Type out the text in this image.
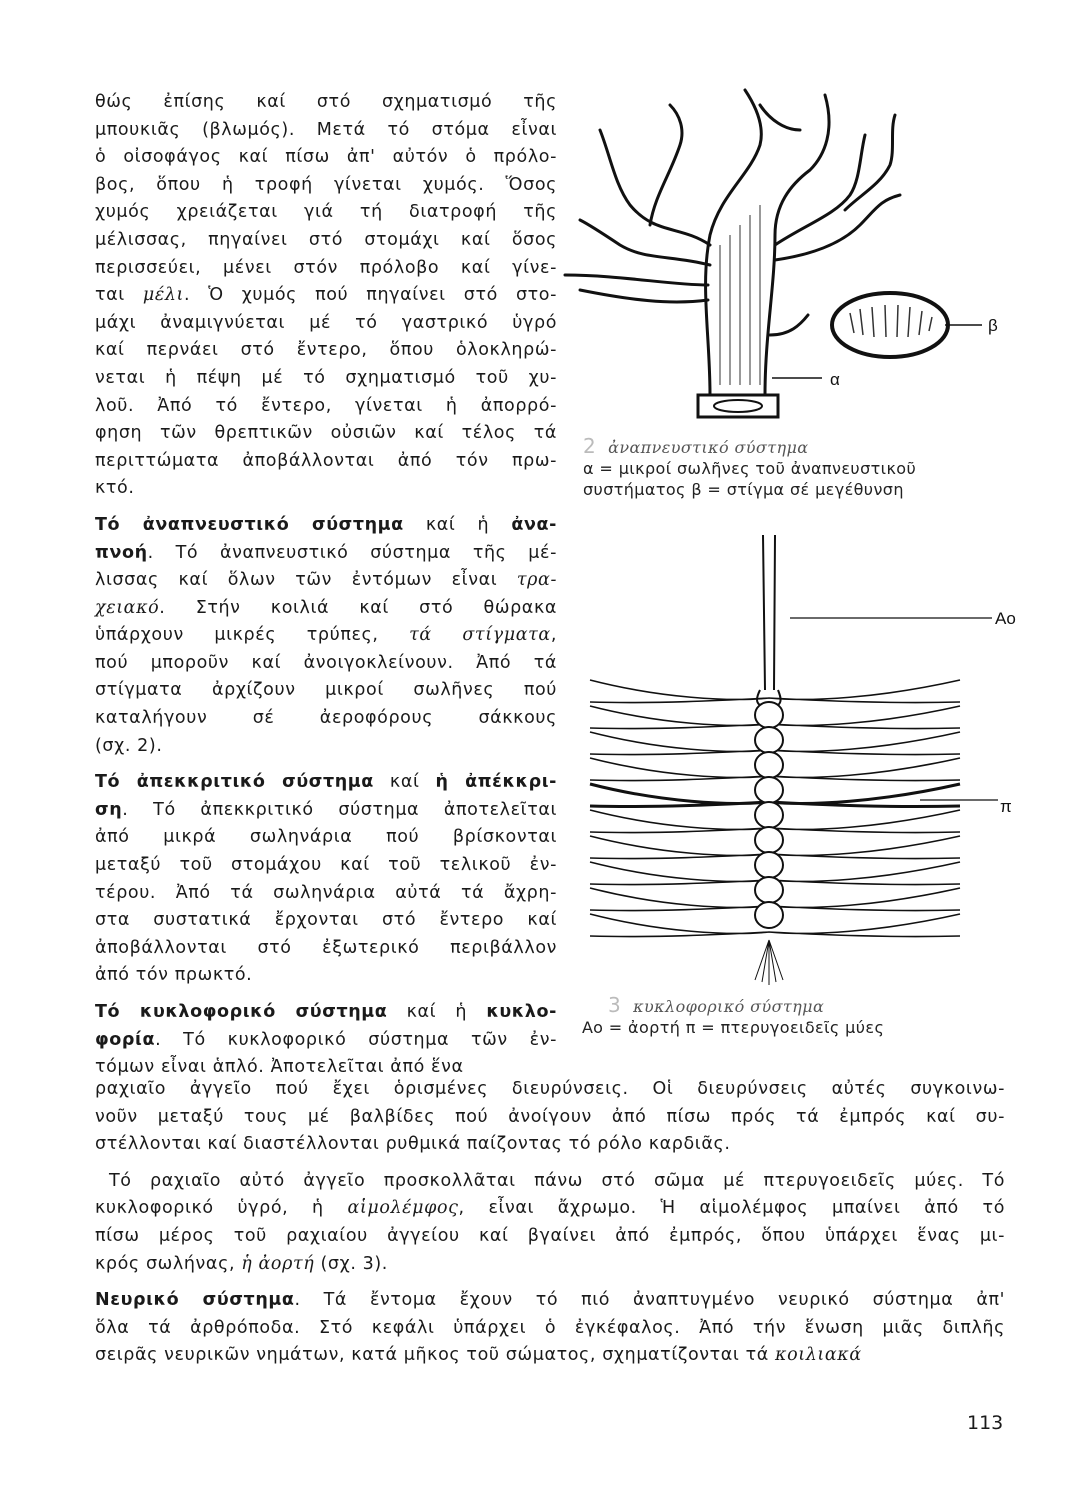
θώς ἐπίσης καί στό σχηματισμό τῆς
μπουκιᾶς (βλωμός). Μετά τό στόμα εἶναι
ὁ οἰσοφάγος καί πίσω ἀπ' αὐτόν ὁ πρόλο-
βος, ὅπου ἡ τροφή γίνεται χυμός. Ὅσος
χυμός χρειάζεται γιά τή διατροφή τῆς
μέλισσας, πηγαίνει στό στομάχι καί ὅσος
περισσεύει, μένει στόν πρόλοβο καί γίνε-
ται μέλι. Ὁ χυμός πού πηγαίνει στό στο-
μάχι ἀναμιγνύεται μέ τό γαστρικό ὑγρό
καί περνάει στό ἔντερο, ὅπου ὁλοκληρώ-
νεται ἡ πέψη μέ τό σχηματισμό τοῦ χυ-
λοῦ. Ἀπό τό ἔντερο, γίνεται ἡ ἀπορρό-
φηση τῶν θρεπτικῶν οὐσιῶν καί τέλος τά
περιττώματα ἀποβάλλονται ἀπό τόν πρω-
κτό.
Τό ἀναπνευστικό σύστημα καί ἡ ἀνα-
πνοή. Τό ἀναπνευστικό σύστημα τῆς μέ-
λισσας καί ὅλων τῶν ἐντόμων εἶναι τρα-
χειακό. Στήν κοιλιά καί στό θώρακα
ὑπάρχουν μικρές τρύπες, τά στίγματα,
πού μποροῦν καί ἀνοιγοκλείνουν. Ἀπό τά
στίγματα ἀρχίζουν μικροί σωλῆνες πού
καταλήγουν σέ ἀεροφόρους σάκκους
(σχ. 2).
Τό ἀπεκκριτικό σύστημα καί ἡ ἀπέκκρι-
ση. Τό ἀπεκκριτικό σύστημα ἀποτελεῖται
ἀπό μικρά σωληνάρια πού βρίσκονται
μεταξύ τοῦ στομάχου καί τοῦ τελικοῦ ἐν-
τέρου. Ἀπό τά σωληνάρια αὐτά τά ἄχρη-
στα συστατικά ἔρχονται στό ἔντερο καί
ἀποβάλλονται στό ἐξωτερικό περιβάλλον
ἀπό τόν πρωκτό.
Τό κυκλοφορικό σύστημα καί ἡ κυκλο-
φορία. Τό κυκλοφορικό σύστημα τῶν ἐν-
τόμων εἶναι ἁπλό. Ἀποτελεῖται ἀπό ἕνα
ραχιαῖο ἀγγεῖο πού ἔχει ὁρισμένες διευρύνσεις. Οἱ διευρύνσεις αὐτές συγκοινω-
νοῦν μεταξύ τους μέ βαλβίδες πού ἀνοίγουν ἀπό πίσω πρός τά ἐμπρός καί συ-
στέλλονται καί διαστέλλονται ρυθμικά παίζοντας τό ρόλο καρδιᾶς.
Τό ραχιαῖο αὐτό ἀγγεῖο προσκολλᾶται πάνω στό σῶμα μέ πτερυγοειδεῖς μύες. Τό
κυκλοφορικό ὑγρό, ἡ αἱμολέμφος, εἶναι ἄχρωμο. Ἡ αἱμολέμφος μπαίνει ἀπό τό
πίσω μέρος τοῦ ραχιαίου ἀγγείου καί βγαίνει ἀπό ἐμπρός, ὅπου ὑπάρχει ἕνας μι-
κρός σωλήνας, ἡ ἀορτή (σχ. 3).
Νευρικό σύστημα. Τά ἔντομα ἔχουν τό πιό ἀναπτυγμένο νευρικό σύστημα ἀπ'
ὅλα τά ἀρθρόποδα. Στό κεφάλι ὑπάρχει ὁ ἐγκέφαλος. Ἀπό τήν ἕνωση μιᾶς διπλῆς
σειρᾶς νευρικῶν νημάτων, κατά μῆκος τοῦ σώματος, σχηματίζονται τά κοιλιακά
α
β
2 ἀναπνευστικό σύστημα
α = μικροί σωλῆνες τοῦ ἀναπνευστικοῦ
συστήματος β = στίγμα σέ μεγέθυνση
Ao
π
3 κυκλοφορικό σύστημα
Ao = ἀορτή π = πτερυγοειδεῖς μύες
113
